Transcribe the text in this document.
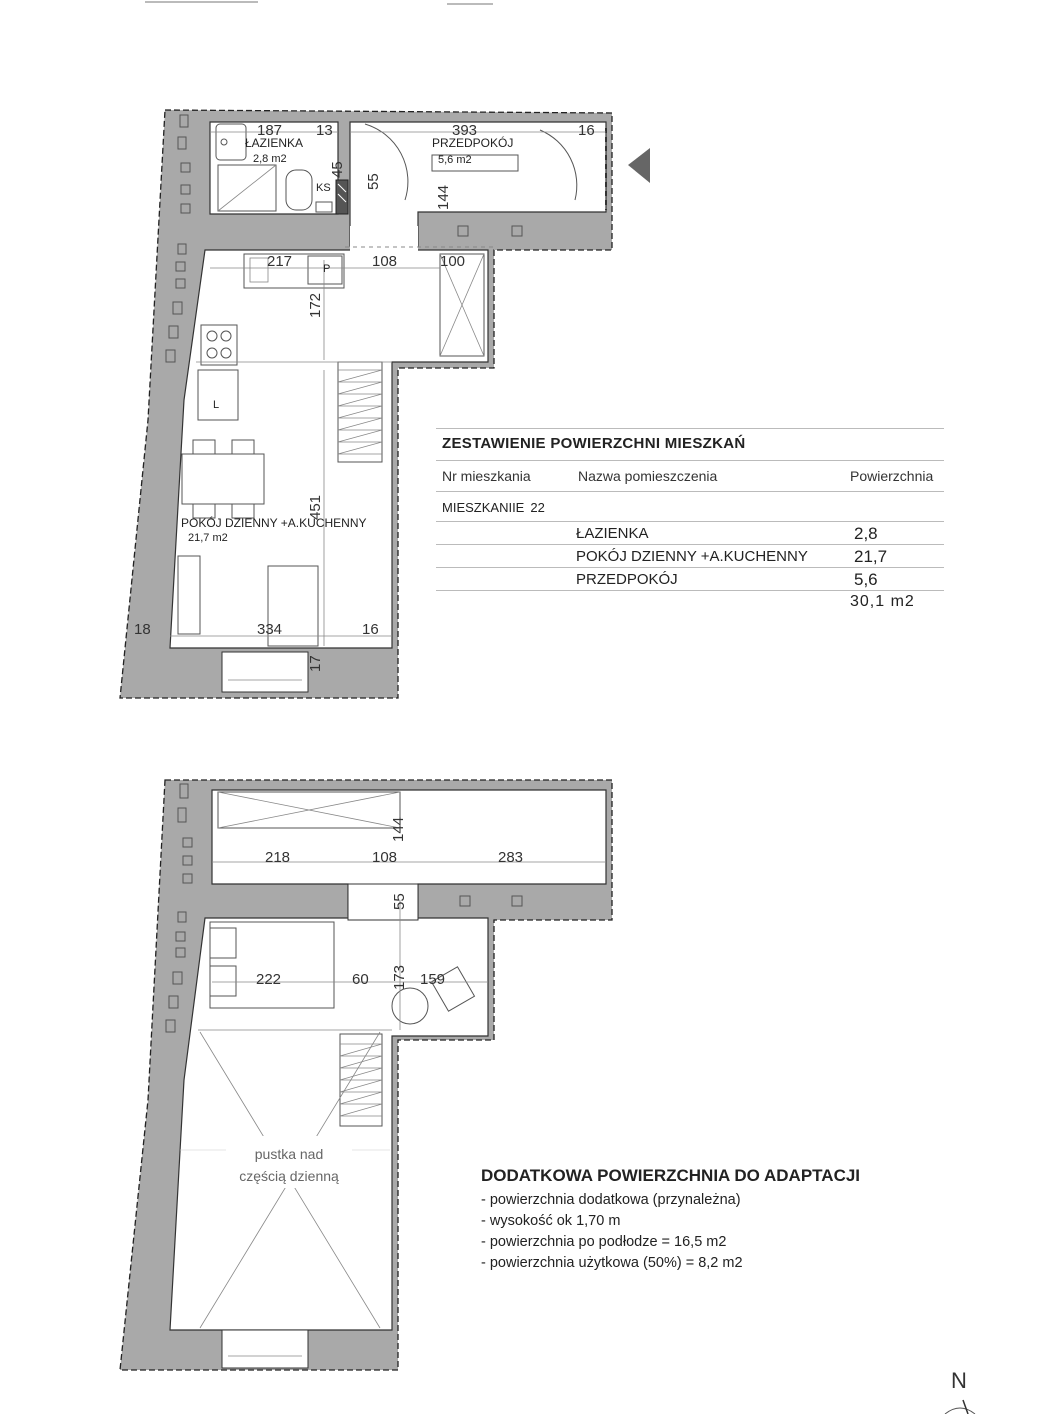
ŁAZIENKA
2,8 m2
PRZEDPOKÓJ
5,6 m2
POKÓJ DZIENNY +A.KUCHENNY
21,7 m2
KS
P
L
187 13	393	16
45
55
144
217	108	100
172
451
18	334	16
17
144
218	108	283
55
222	60 173 159
pustka nad
częścią dzienną
ZESTAWIENIE POWIERZCHNI MIESZKAŃ
Nr mieszkania	Nazwa pomieszczenia	Powierzchnia
MIESZKANIIE 22
ŁAZIENKA	2,8
POKÓJ DZIENNY +A.KUCHENNY	21,7
PRZEDPOKÓJ	5,6
30,1 m2
DODATKOWA POWIERZCHNIA DO ADAPTACJI
- powierzchnia dodatkowa (przynależna)
- wysokość ok 1,70 m
- powierzchnia po podłodze = 16,5 m2
- powierzchnia użytkowa (50%) = 8,2 m2
N
